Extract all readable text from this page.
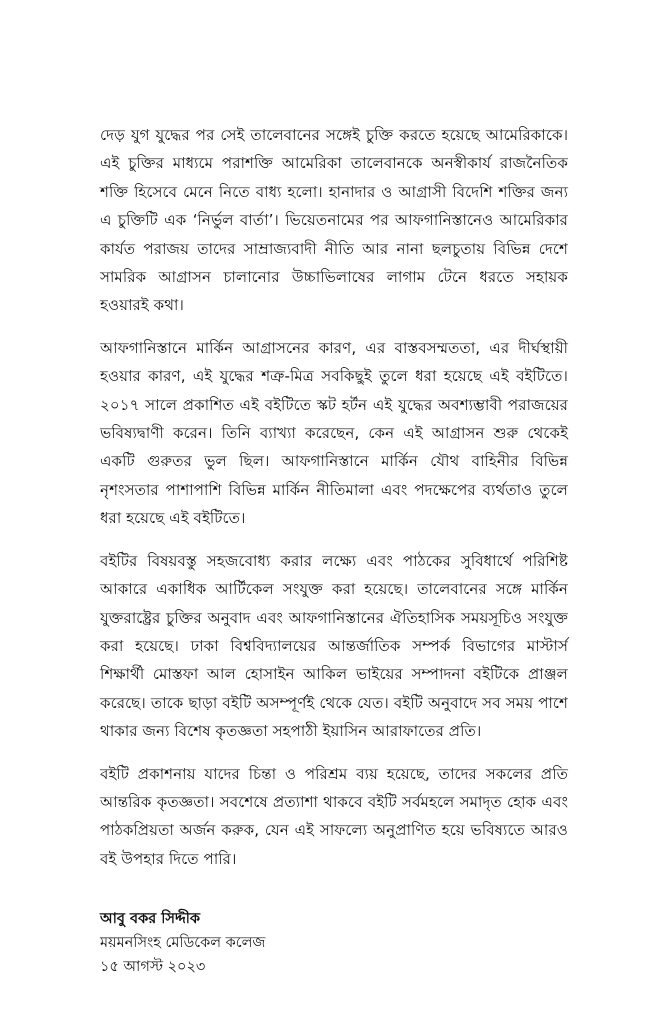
দেড় যুগ যুদ্ধের পর সেই তালেবানের সঙ্গেই চুক্তি করতে হয়েছে আমেরিকাকে। এই চুক্তির মাধ্যমে পরাশক্তি আমেরিকা তালেবানকে অনস্বীকার্য রাজনৈতিক শক্তি হিসেবে মেনে নিতে বাধ্য হলো। হানাদার ও আগ্রাসী বিদেশি শক্তির জন্য এ চুক্তিটি এক ‘নির্ভুল বার্তা’। ভিয়েতনামের পর আফগানিস্তানেও আমেরিকার কার্যত পরাজয় তাদের সাম্রাজ্যবাদী নীতি আর নানা ছলচুতায় বিভিন্ন দেশে সামরিক আগ্রাসন চালানোর উচ্চাভিলাষের লাগাম টেনে ধরতে সহায়ক হওয়ারই কথা।

আফগানিস্তানে মার্কিন আগ্রাসনের কারণ, এর বাস্তবসম্মততা, এর দীর্ঘস্থায়ী হওয়ার কারণ, এই যুদ্ধের শত্রু-মিত্র সবকিছুই তুলে ধরা হয়েছে এই বইটিতে। ২০১৭ সালে প্রকাশিত এই বইটিতে স্কট হর্টন এই যুদ্ধের অবশ্যম্ভাবী পরাজয়ের ভবিষ্যদ্বাণী করেন। তিনি ব্যাখ্যা করেছেন, কেন এই আগ্রাসন শুরু থেকেই একটি গুরুতর ভুল ছিল। আফগানিস্তানে মার্কিন যৌথ বাহিনীর বিভিন্ন নৃশংসতার পাশাপাশি বিভিন্ন মার্কিন নীতিমালা এবং পদক্ষেপের ব্যর্থতাও তুলে ধরা হয়েছে এই বইটিতে।

বইটির বিষয়বস্তু সহজবোধ্য করার লক্ষ্যে এবং পাঠকের সুবিধার্থে পরিশিষ্ট আকারে একাধিক আর্টিকেল সংযুক্ত করা হয়েছে। তালেবানের সঙ্গে মার্কিন যুক্তরাষ্ট্রের চুক্তির অনুবাদ এবং আফগানিস্তানের ঐতিহাসিক সময়সূচিও সংযুক্ত করা হয়েছে। ঢাকা বিশ্ববিদ্যালয়ের আন্তর্জাতিক সম্পর্ক বিভাগের মাস্টার্স শিক্ষার্থী মোস্তফা আল হোসাইন আকিল ভাইয়ের সম্পাদনা বইটিকে প্রাঞ্জল করেছে। তাকে ছাড়া বইটি অসম্পূর্ণই থেকে যেত। বইটি অনুবাদে সব সময় পাশে থাকার জন্য বিশেষ কৃতজ্ঞতা সহপাঠী ইয়াসিন আরাফাতের প্রতি।

বইটি প্রকাশনায় যাদের চিন্তা ও পরিশ্রম ব্যয় হয়েছে, তাদের সকলের প্রতি আন্তরিক কৃতজ্ঞতা। সবশেষে প্রত্যাশা থাকবে বইটি সর্বমহলে সমাদৃত হোক এবং পাঠকপ্রিয়তা অর্জন করুক, যেন এই সাফল্যে অনুপ্রাণিত হয়ে ভবিষ্যতে আরও বই উপহার দিতে পারি।

আবু বকর সিদ্দীক
ময়মনসিংহ মেডিকেল কলেজ
১৫ আগস্ট ২০২৩
